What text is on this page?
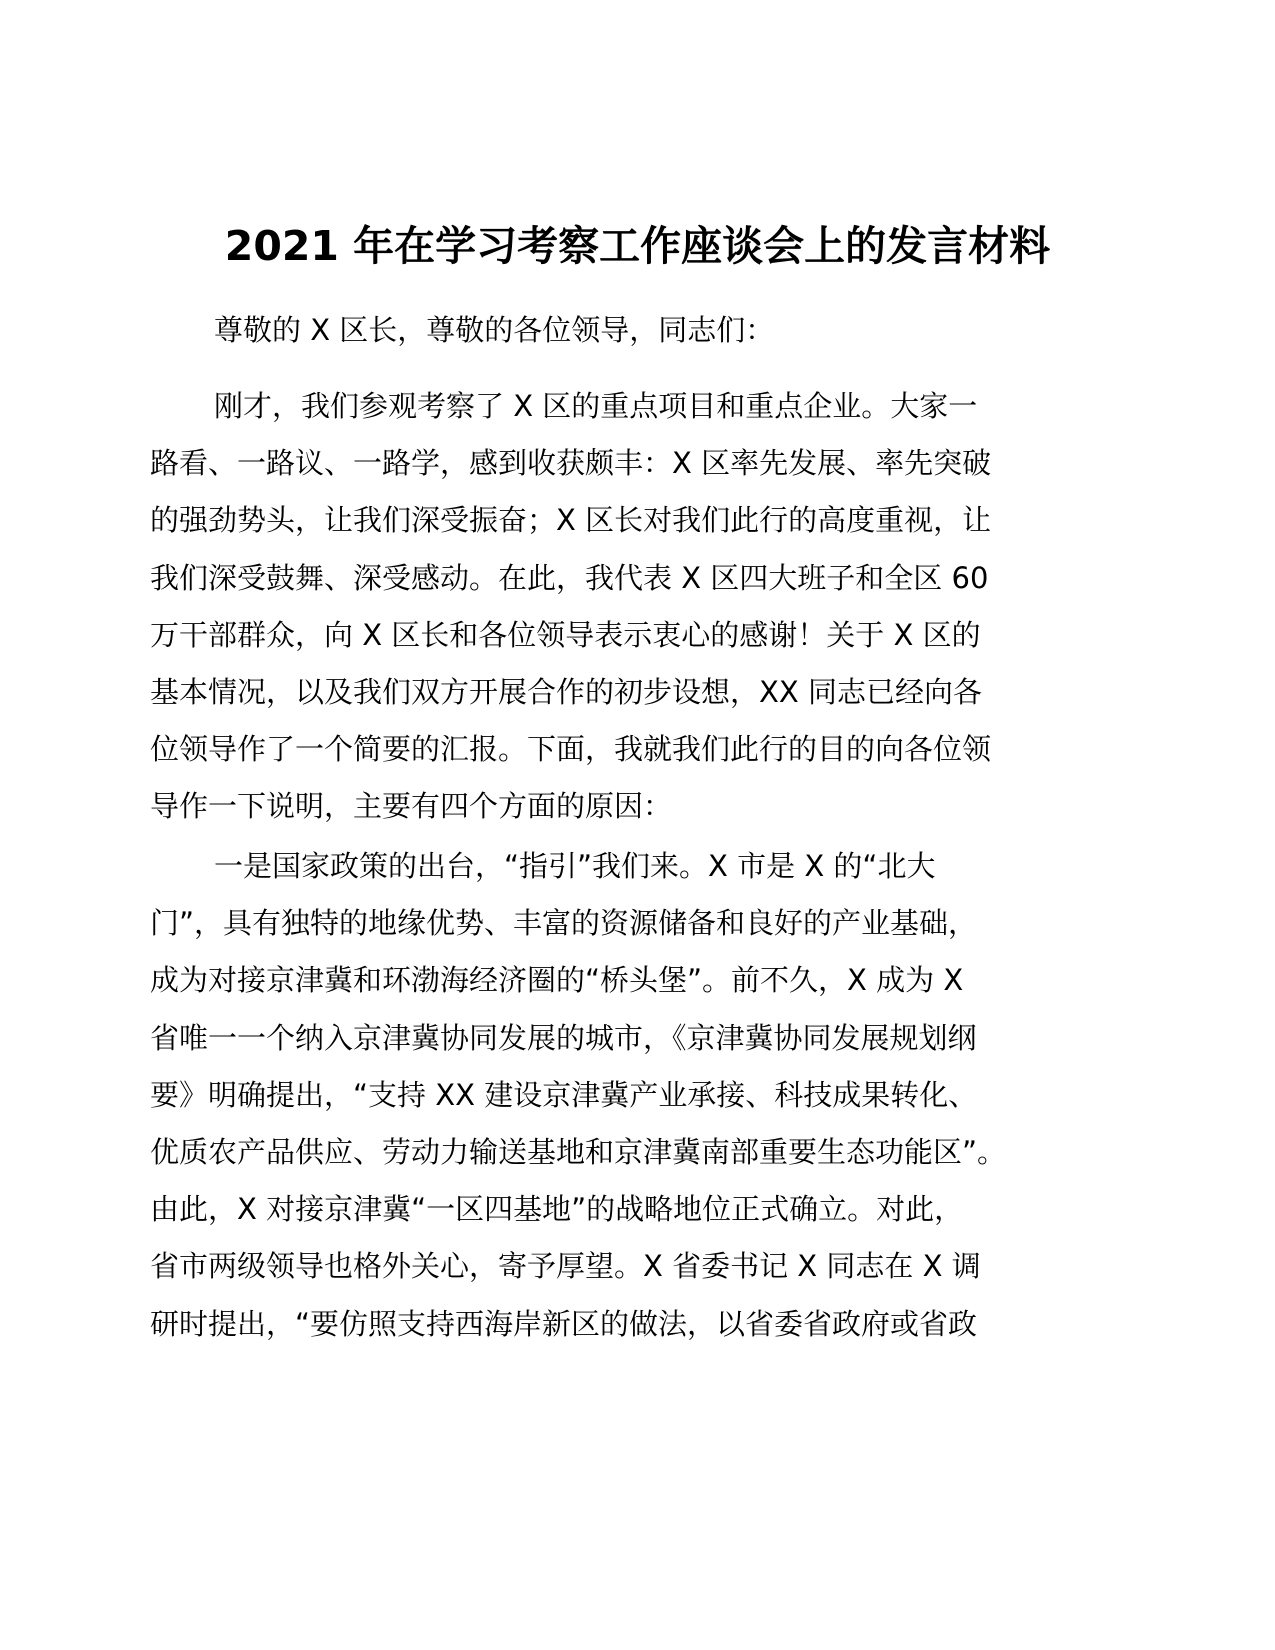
2021 年在学习考察工作座谈会上的发言材料

尊敬的 X 区长，尊敬的各位领导，同志们：

刚才，我们参观考察了 X 区的重点项目和重点企业。大家一
路看、一路议、一路学，感到收获颇丰：X 区率先发展、率先突破
的强劲势头，让我们深受振奋；X 区长对我们此行的高度重视，让
我们深受鼓舞、深受感动。在此，我代表 X 区四大班子和全区 60
万干部群众，向 X 区长和各位领导表示衷心的感谢！关于 X 区的
基本情况，以及我们双方开展合作的初步设想，XX 同志已经向各
位领导作了一个简要的汇报。下面，我就我们此行的目的向各位领
导作一下说明，主要有四个方面的原因：
一是国家政策的出台，“指引”我们来。X 市是 X 的“北大
门”，具有独特的地缘优势、丰富的资源储备和良好的产业基础，
成为对接京津冀和环渤海经济圈的“桥头堡”。前不久，X 成为 X
省唯一一个纳入京津冀协同发展的城市，《京津冀协同发展规划纲
要》明确提出，“支持 XX 建设京津冀产业承接、科技成果转化、
优质农产品供应、劳动力输送基地和京津冀南部重要生态功能区”。
由此，X 对接京津冀“一区四基地”的战略地位正式确立。对此，
省市两级领导也格外关心，寄予厚望。X 省委书记 X 同志在 X 调
研时提出，“要仿照支持西海岸新区的做法，以省委省政府或省政
